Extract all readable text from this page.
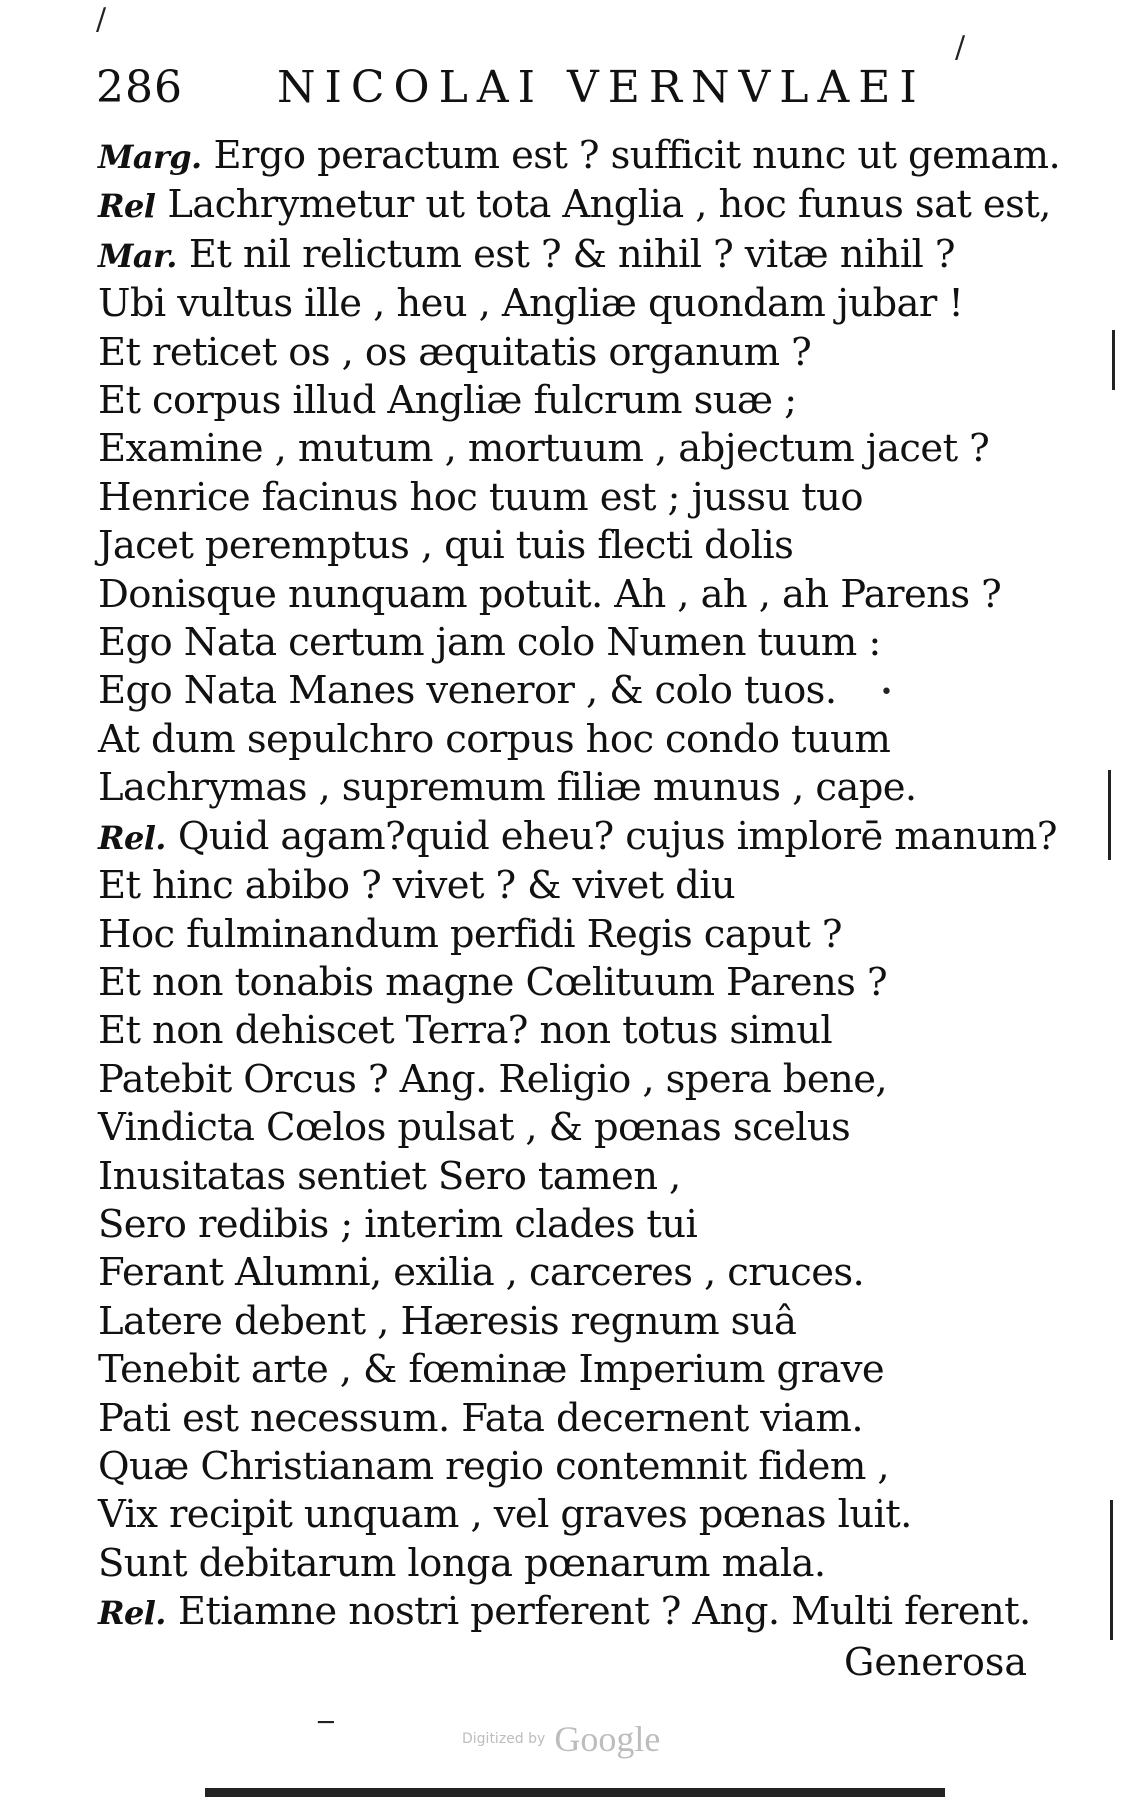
286 NICOLAI VERNVLAEI
Marg. Ergo peractum est ? sufficit nunc ut gemam.
Rel Lachrymetur ut tota Anglia , hoc funus sat est,
Mar. Et nil relictum est ? & nihil ? vitæ nihil ?
Ubi vultus ille , heu , Angliæ quondam jubar !
Et reticet os , os æquitatis organum ?
Et corpus illud Angliæ fulcrum suæ ;
Examine , mutum , mortuum , abjectum jacet ?
Henrice facinus hoc tuum est ; jussu tuo
Jacet peremptus , qui tuis flecti dolis
Donisque nunquam potuit. Ah , ah , ah Parens ?
Ego Nata certum jam colo Numen tuum :
Ego Nata Manes veneror , & colo tuos.
At dum sepulchro corpus hoc condo tuum
Lachrymas , supremum filiæ munus , cape.
Rel. Quid agam?quid eheu? cujus implorē manum?
Et hinc abibo ? vivet ? & vivet diu
Hoc fulminandum perfidi Regis caput ?
Et non tonabis magne Cœlituum Parens ?
Et non dehiscet Terra? non totus simul
Patebit Orcus ? Ang. Religio , spera bene,
Vindicta Cœlos pulsat , & pœnas scelus
Inusitatas sentiet Sero tamen ,
Sero redibis ; interim clades tui
Ferant Alumni, exilia , carceres , cruces.
Latere debent , Hæresis regnum suâ
Tenebit arte , & fœminæ Imperium grave
Pati est necessum. Fata decernent viam.
Quæ Christianam regio contemnit fidem ,
Vix recipit unquam , vel graves pœnas luit.
Sunt debitarum longa pœnarum mala.
Rel. Etiamne nostri perferent ? Ang. Multi ferent.
Generosa
/
/
•
─
Digitized by Google
